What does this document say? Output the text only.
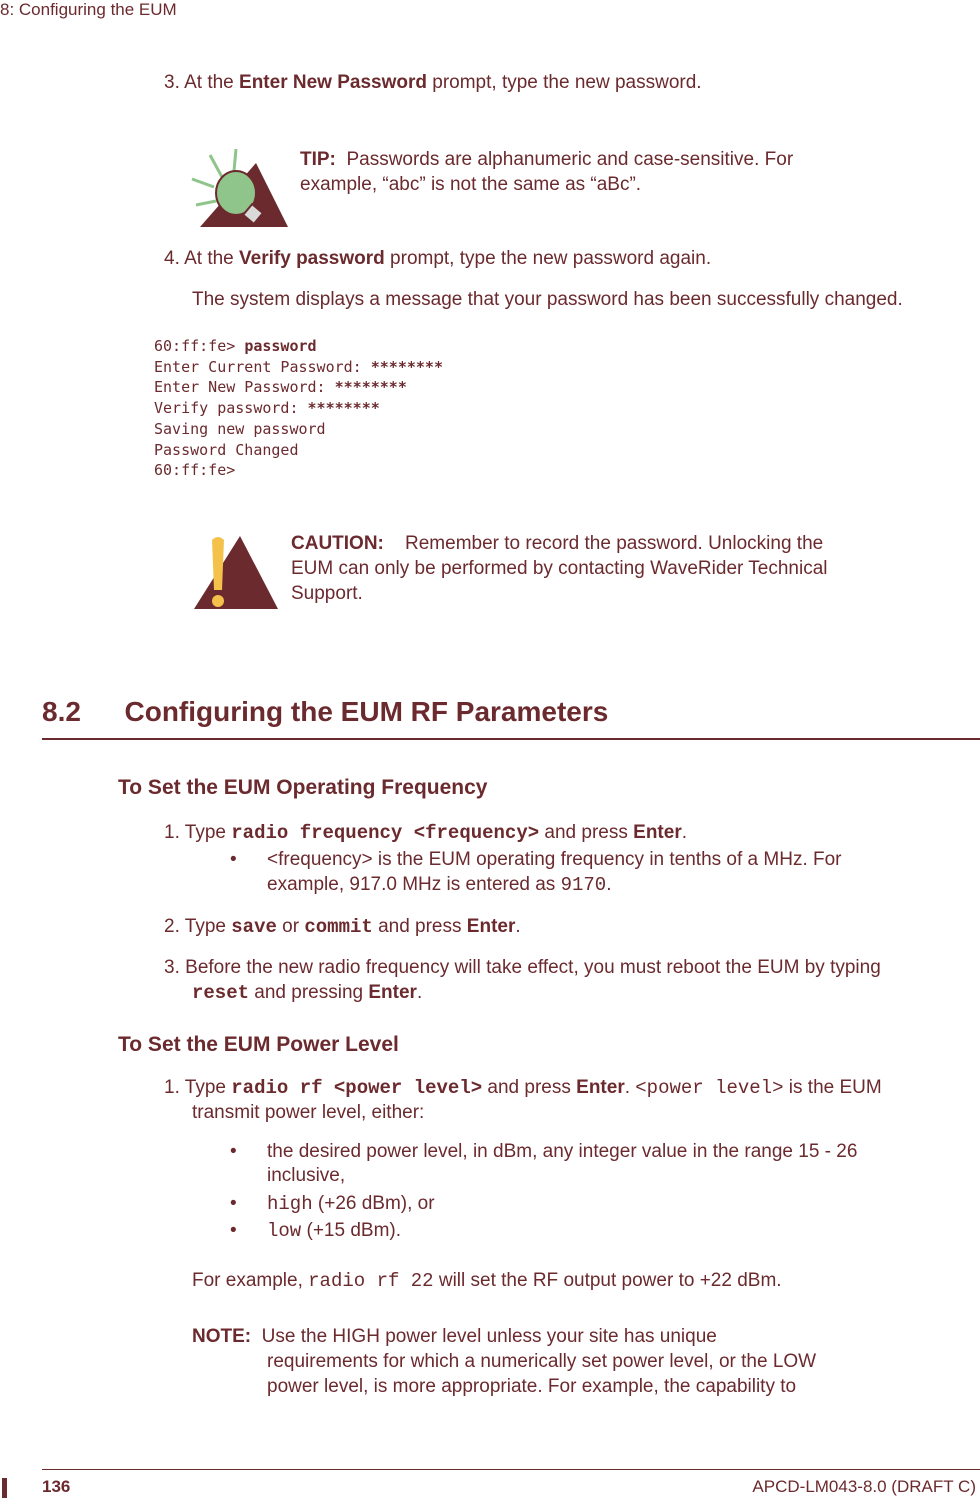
8: Configuring the EUM
3. At the Enter New Password prompt, type the new password.
TIP: Passwords are alphanumeric and case-sensitive. For
example, “abc” is not the same as “aBc”.
4. At the Verify password prompt, type the new password again.
The system displays a message that your password has been successfully changed.
60:ff:fe> password
Enter Current Password: ********
Enter New Password: ********
Verify password: ********
Saving new password
Password Changed
60:ff:fe>
CAUTION: Remember to record the password. Unlocking the
EUM can only be performed by contacting WaveRider Technical
Support.
8.2 Configuring the EUM RF Parameters
To Set the EUM Operating Frequency
1. Type radio frequency <frequency> and press Enter.
• <frequency> is the EUM operating frequency in tenths of a MHz. For
example, 917.0 MHz is entered as 9170.
2. Type save or commit and press Enter.
3. Before the new radio frequency will take effect, you must reboot the EUM by typing
reset and pressing Enter.
To Set the EUM Power Level
1. Type radio rf <power level> and press Enter. <power level> is the EUM
transmit power level, either:
• the desired power level, in dBm, any integer value in the range 15 - 26
inclusive,
• high (+26 dBm), or
• low (+15 dBm).
For example, radio rf 22 will set the RF output power to +22 dBm.
NOTE: Use the HIGH power level unless your site has unique
requirements for which a numerically set power level, or the LOW
power level, is more appropriate. For example, the capability to
136	APCD-LM043-8.0 (DRAFT C)
